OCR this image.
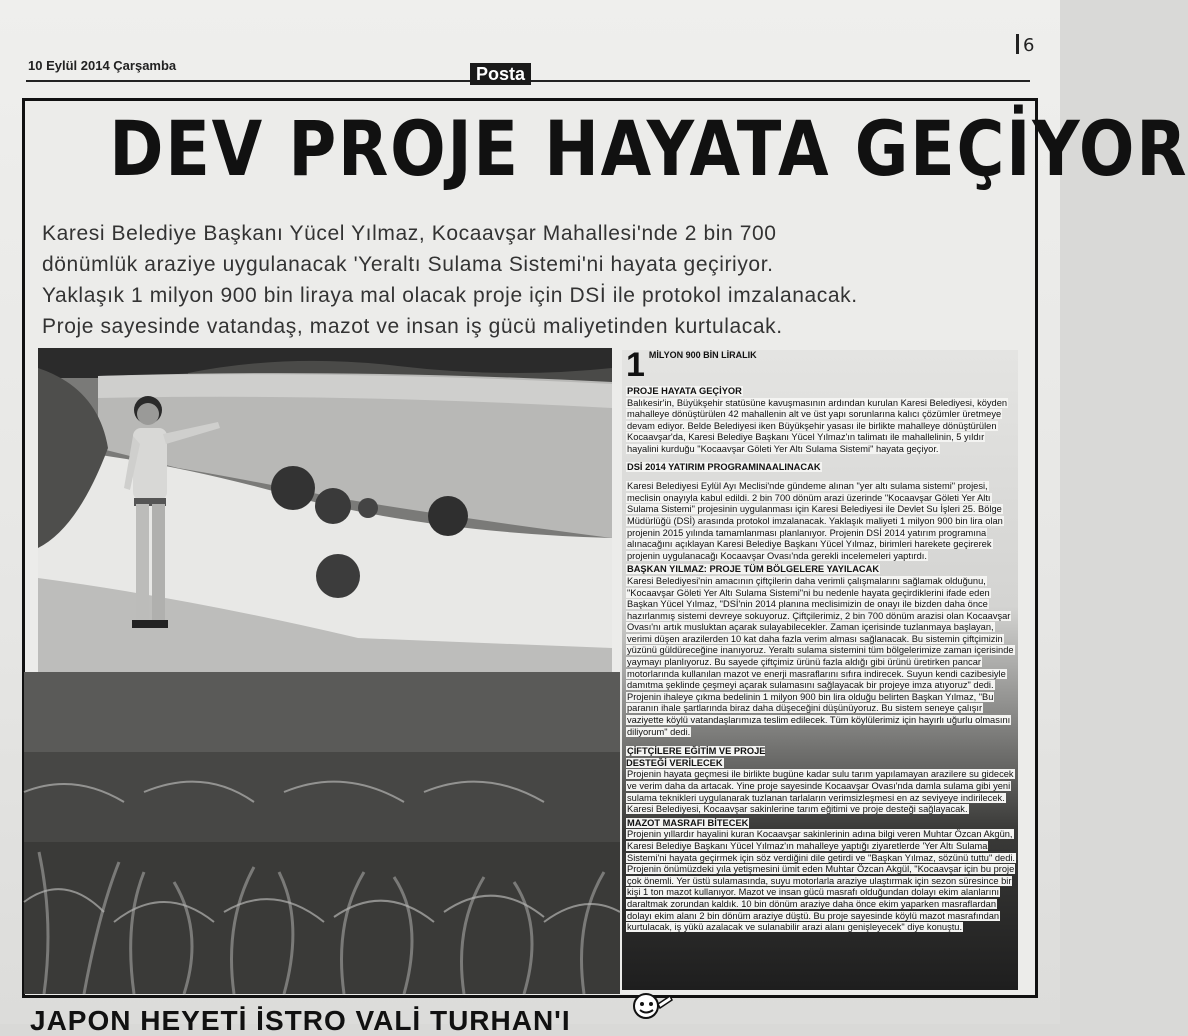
10 Eylül 2014 Çarşamba	Posta
6
DEV PROJE HAYATA GEÇİYOR

Karesi Belediye Başkanı Yücel Yılmaz, Kocaavşar Mahallesi'nde 2 bin 700

dönümlük araziye uygulanacak 'Yeraltı Sulama Sistemi'ni hayata geçiriyor.

Yaklaşık 1 milyon 900 bin liraya mal olacak proje için DSİ ile protokol imzalanacak.

Proje sayesinde vatandaş, mazot ve insan iş gücü maliyetinden kurtulacak.

1 MİLYON 900 BİN LİRALIK
PROJE HAYATA GEÇİYOR

Balıkesir'in, Büyükşehir statüsüne kavuşmasının ardından kurulan Karesi Belediyesi, köyden mahalleye dönüştürülen 42 mahallenin alt ve üst yapı sorunlarına kalıcı çözümler üretmeye devam ediyor. Belde Belediyesi iken Büyükşehir yasası ile birlikte mahalleye dönüştürülen Kocaavşar'da, Karesi Belediye Başkanı Yücel Yılmaz'ın talimatı ile mahallelinin, 5 yıldır hayalini kurduğu "Kocaavşar Göleti Yer Altı Sulama Sistemi" hayata geçiyor.

DSİ 2014 YATIRIM PROGRAMINAALINACAK

Karesi Belediyesi Eylül Ayı Meclisi'nde gündeme alınan "yer altı sulama sistemi" projesi, meclisin onayıyla kabul edildi. 2 bin 700 dönüm arazi üzerinde "Kocaavşar Göleti Yer Altı Sulama Sistemi" projesinin uygulanması için Karesi Belediyesi ile Devlet Su İşleri 25. Bölge Müdürlüğü (DSİ) arasında protokol imzalanacak. Yaklaşık maliyeti 1 milyon 900 bin lira olan projenin 2015 yılında tamamlanması planlanıyor. Projenin DSİ 2014 yatırım programına alınacağını açıklayan Karesi Belediye Başkanı Yücel Yılmaz, birimleri harekete geçirerek projenin uygulanacağı Kocaavşar Ovası'nda gerekli incelemeleri yaptırdı.

BAŞKAN YILMAZ: PROJE TÜM BÖLGELERE YAYILACAK

Karesi Belediyesi'nin amacının çiftçilerin daha verimli çalışmalarını sağlamak olduğunu, "Kocaavşar Göleti Yer Altı Sulama Sistemi"ni bu nedenle hayata geçirdiklerini ifade eden Başkan Yücel Yılmaz, "DSİ'nin 2014 planına meclisimizin de onayı ile bizden daha önce hazırlanmış sistemi devreye sokuyoruz. Çiftçilerimiz, 2 bin 700 dönüm arazisi olan Kocaavşar Ovası'nı artık musluktan açarak sulayabilecekler. Zaman içerisinde tuzlanmaya başlayan, verimi düşen arazilerden 10 kat daha fazla verim alması sağlanacak. Bu sistemin çiftçimizin yüzünü güldüreceğine inanıyoruz. Yeraltı sulama sistemini tüm bölgelerimize zaman içerisinde yaymayı planlıyoruz. Bu sayede çiftçimiz ürünü fazla aldığı gibi ürünü üretirken pancar motorlarında kullanılan mazot ve enerji masraflarını sıfıra indirecek. Suyun kendi cazibesiyle damıtma şeklinde çeşmeyi açarak sulamasını sağlayacak bir projeye imza atıyoruz" dedi. Projenin ihaleye çıkma bedelinin 1 milyon 900 bin lira olduğu belirten Başkan Yılmaz, "Bu paranın ihale şartlarında biraz daha düşeceğini düşünüyoruz. Bu sistem seneye çalışır vaziyette köylü vatandaşlarımıza teslim edilecek. Tüm köylülerimiz için hayırlı uğurlu olmasını diliyorum" dedi.

ÇİFTÇİLERE EĞİTİM VE PROJE DESTEĞİ VERİLECEK

Projenin hayata geçmesi ile birlikte bugüne kadar sulu tarım yapılamayan arazilere su gidecek ve verim daha da artacak. Yine proje sayesinde Kocaavşar Ovası'nda damla sulama gibi yeni sulama teknikleri uygulanarak tuzlanan tarlaların verimsizleşmesi en az seviyeye indirilecek. Karesi Belediyesi, Kocaavşar sakinlerine tarım eğitimi ve proje desteği sağlayacak.

MAZOT MASRAFI BİTECEK

Projenin yıllardır hayalini kuran Kocaavşar sakinlerinin adına bilgi veren Muhtar Özcan Akgün, Karesi Belediye Başkanı Yücel Yılmaz'ın mahalleye yaptığı ziyaretlerde 'Yer Altı Sulama Sistemi'ni hayata geçirmek için söz verdiğini dile getirdi ve "Başkan Yılmaz, sözünü tuttu" dedi. Projenin önümüzdeki yıla yetişmesini ümit eden Muhtar Özcan Akgül, "Kocaavşar için bu proje çok önemli. Yer üstü sulamasında, suyu motorlarla araziye ulaştırmak için sezon süresince bir kişi 1 ton mazot kullanıyor. Mazot ve insan gücü masrafı olduğundan dolayı ekim alanlarını daraltmak zorundan kaldık. 10 bin dönüm araziye daha önce ekim yaparken masraflardan dolayı ekim alanı 2 bin dönüm araziye düştü. Bu proje sayesinde köylü mazot masrafından kurtulacak, iş yükü azalacak ve sulanabilir arazi alanı genişleyecek" diye konuştu.

JAPON HEYETİ İSTRO VALİ TURHAN'I
